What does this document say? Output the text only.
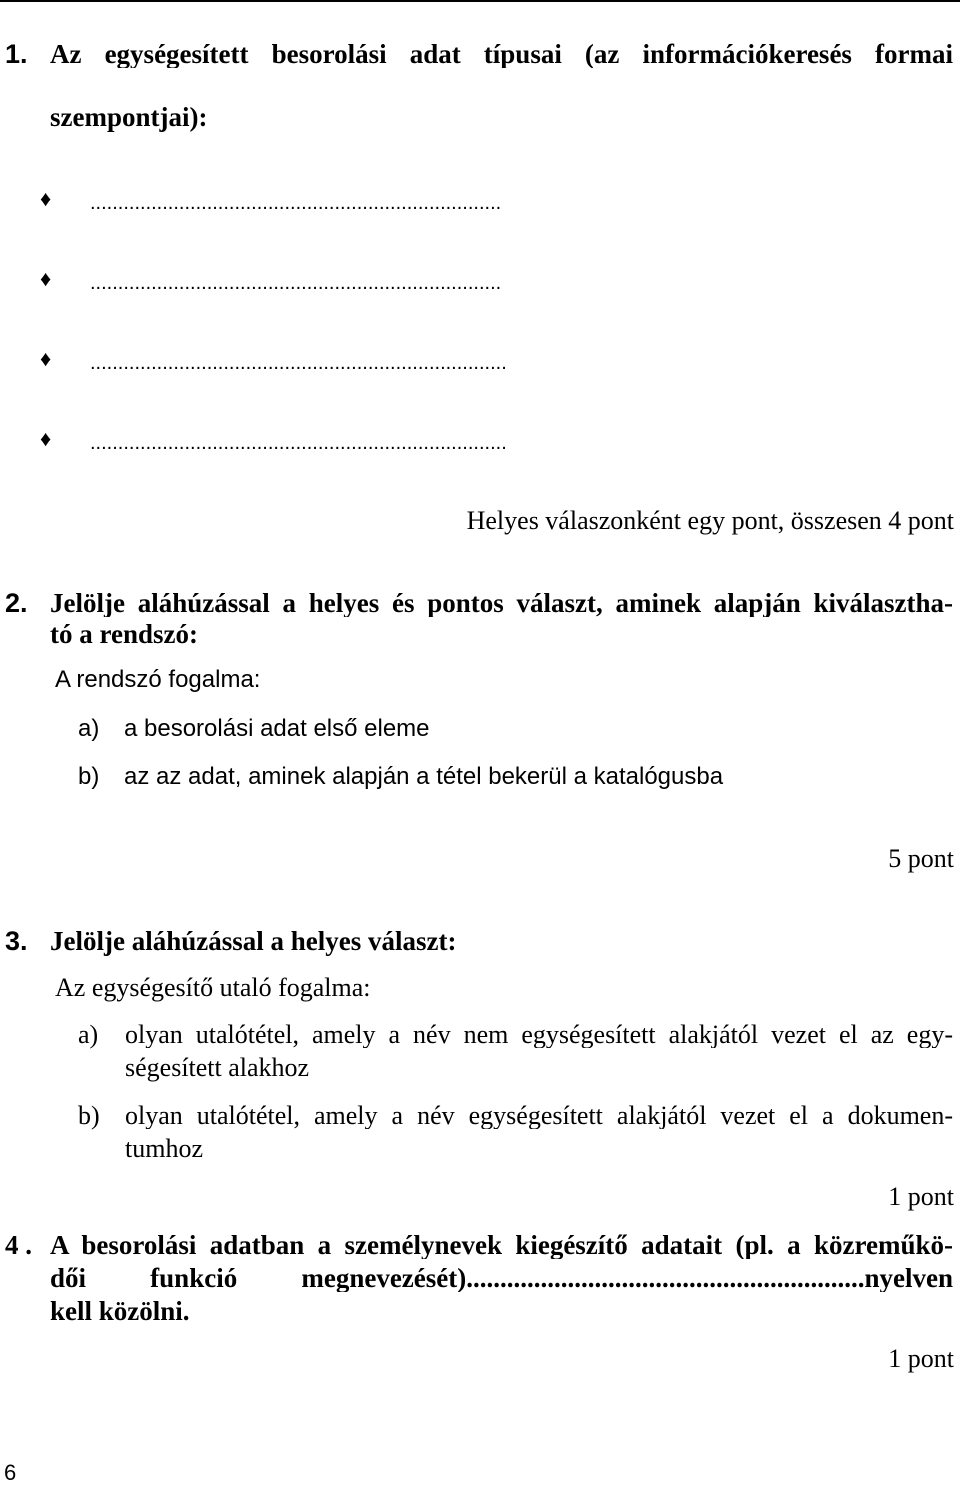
1. Az egységesített besorolási adat típusai (az információkeresés formai
szempontjai):
♦ ..........................................................................
♦ ..........................................................................
♦ ...........................................................................
♦ ...........................................................................
Helyes válaszonként egy pont, összesen 4 pont
2. Jelölje aláhúzással a helyes és pontos választ, aminek alapján kiválasztha-
tó a rendszó:
A rendszó fogalma:
a) a besorolási adat első eleme
b) az az adat, aminek alapján a tétel bekerül a katalógusba
5 pont
3. Jelölje aláhúzással a helyes választ:
Az egységesítő utaló fogalma:
a) olyan utalótétel, amely a név nem egységesített alakjától vezet el az egy-
ségesített alakhoz
b) olyan utalótétel, amely a név egységesített alakjától vezet el a dokumen-
tumhoz
1 pont
4 . A besorolási adatban a személynevek kiegészítő adatait (pl. a közreműkö-
dői funkció megnevezését)...........................................................nyelven
kell közölni.
1 pont
6
